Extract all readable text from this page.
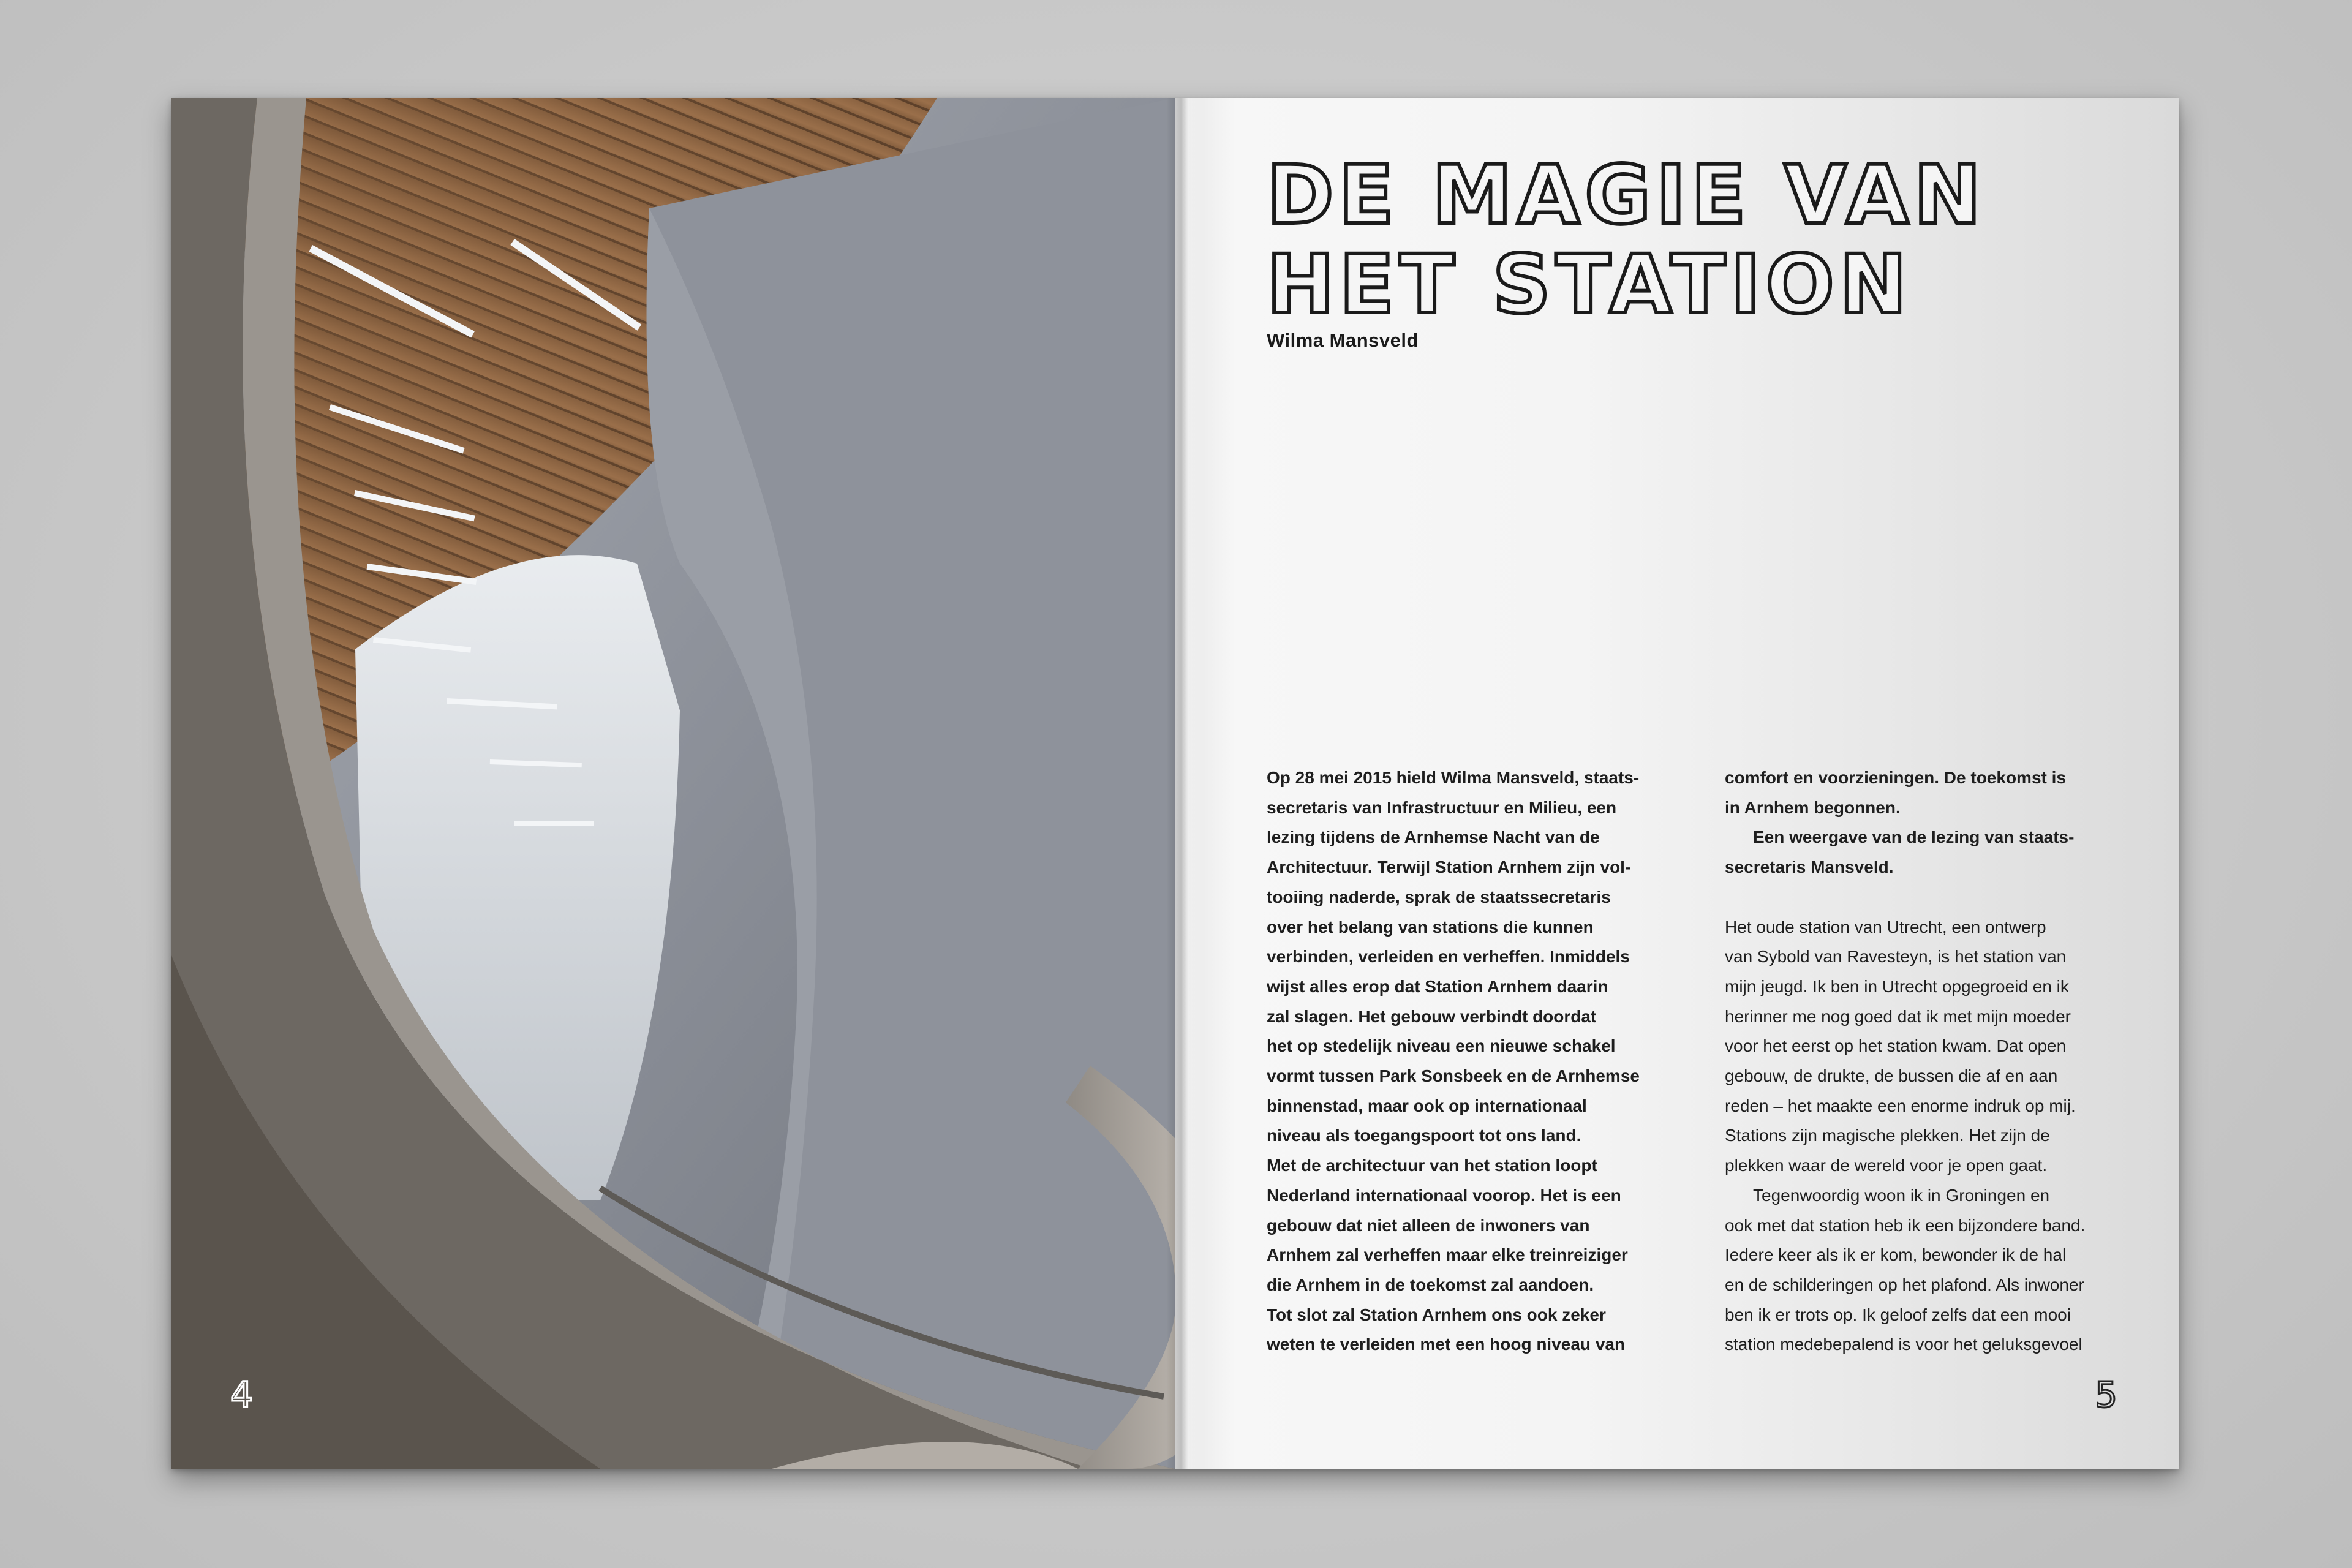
4
DE MAGIE VAN
HET STATION
Wilma Mansveld

Op 28 mei 2015 hield Wilma Mansveld, staats-

secretaris van Infrastructuur en Milieu, een

lezing tijdens de Arnhemse Nacht van de

Architectuur. Terwijl Station Arnhem zijn vol-

tooiing naderde, sprak de staatssecretaris

over het belang van stations die kunnen

verbinden, verleiden en verheffen. Inmiddels

wijst alles erop dat Station Arnhem daarin

zal slagen. Het gebouw verbindt doordat

het op stedelijk niveau een nieuwe schakel

vormt tussen Park Sonsbeek en de Arnhemse

binnenstad, maar ook op internationaal

niveau als toegangspoort tot ons land.

Met de architectuur van het station loopt

Nederland internationaal voorop. Het is een

gebouw dat niet alleen de inwoners van

Arnhem zal verheffen maar elke treinreiziger

die Arnhem in de toekomst zal aandoen.

Tot slot zal Station Arnhem ons ook zeker

weten te verleiden met een hoog niveau van

comfort en voorzieningen. De toekomst is

in Arnhem begonnen.

Een weergave van de lezing van staats-

secretaris Mansveld.

Het oude station van Utrecht, een ontwerp

van Sybold van Ravesteyn, is het station van

mijn jeugd. Ik ben in Utrecht opgegroeid en ik

herinner me nog goed dat ik met mijn moeder

voor het eerst op het station kwam. Dat open

gebouw, de drukte, de bussen die af en aan

reden – het maakte een enorme indruk op mij.

Stations zijn magische plekken. Het zijn de

plekken waar de wereld voor je open gaat.

Tegenwoordig woon ik in Groningen en

ook met dat station heb ik een bijzondere band.

Iedere keer als ik er kom, bewonder ik de hal

en de schilderingen op het plafond. Als inwoner

ben ik er trots op. Ik geloof zelfs dat een mooi

station medebepalend is voor het geluksgevoel

5
